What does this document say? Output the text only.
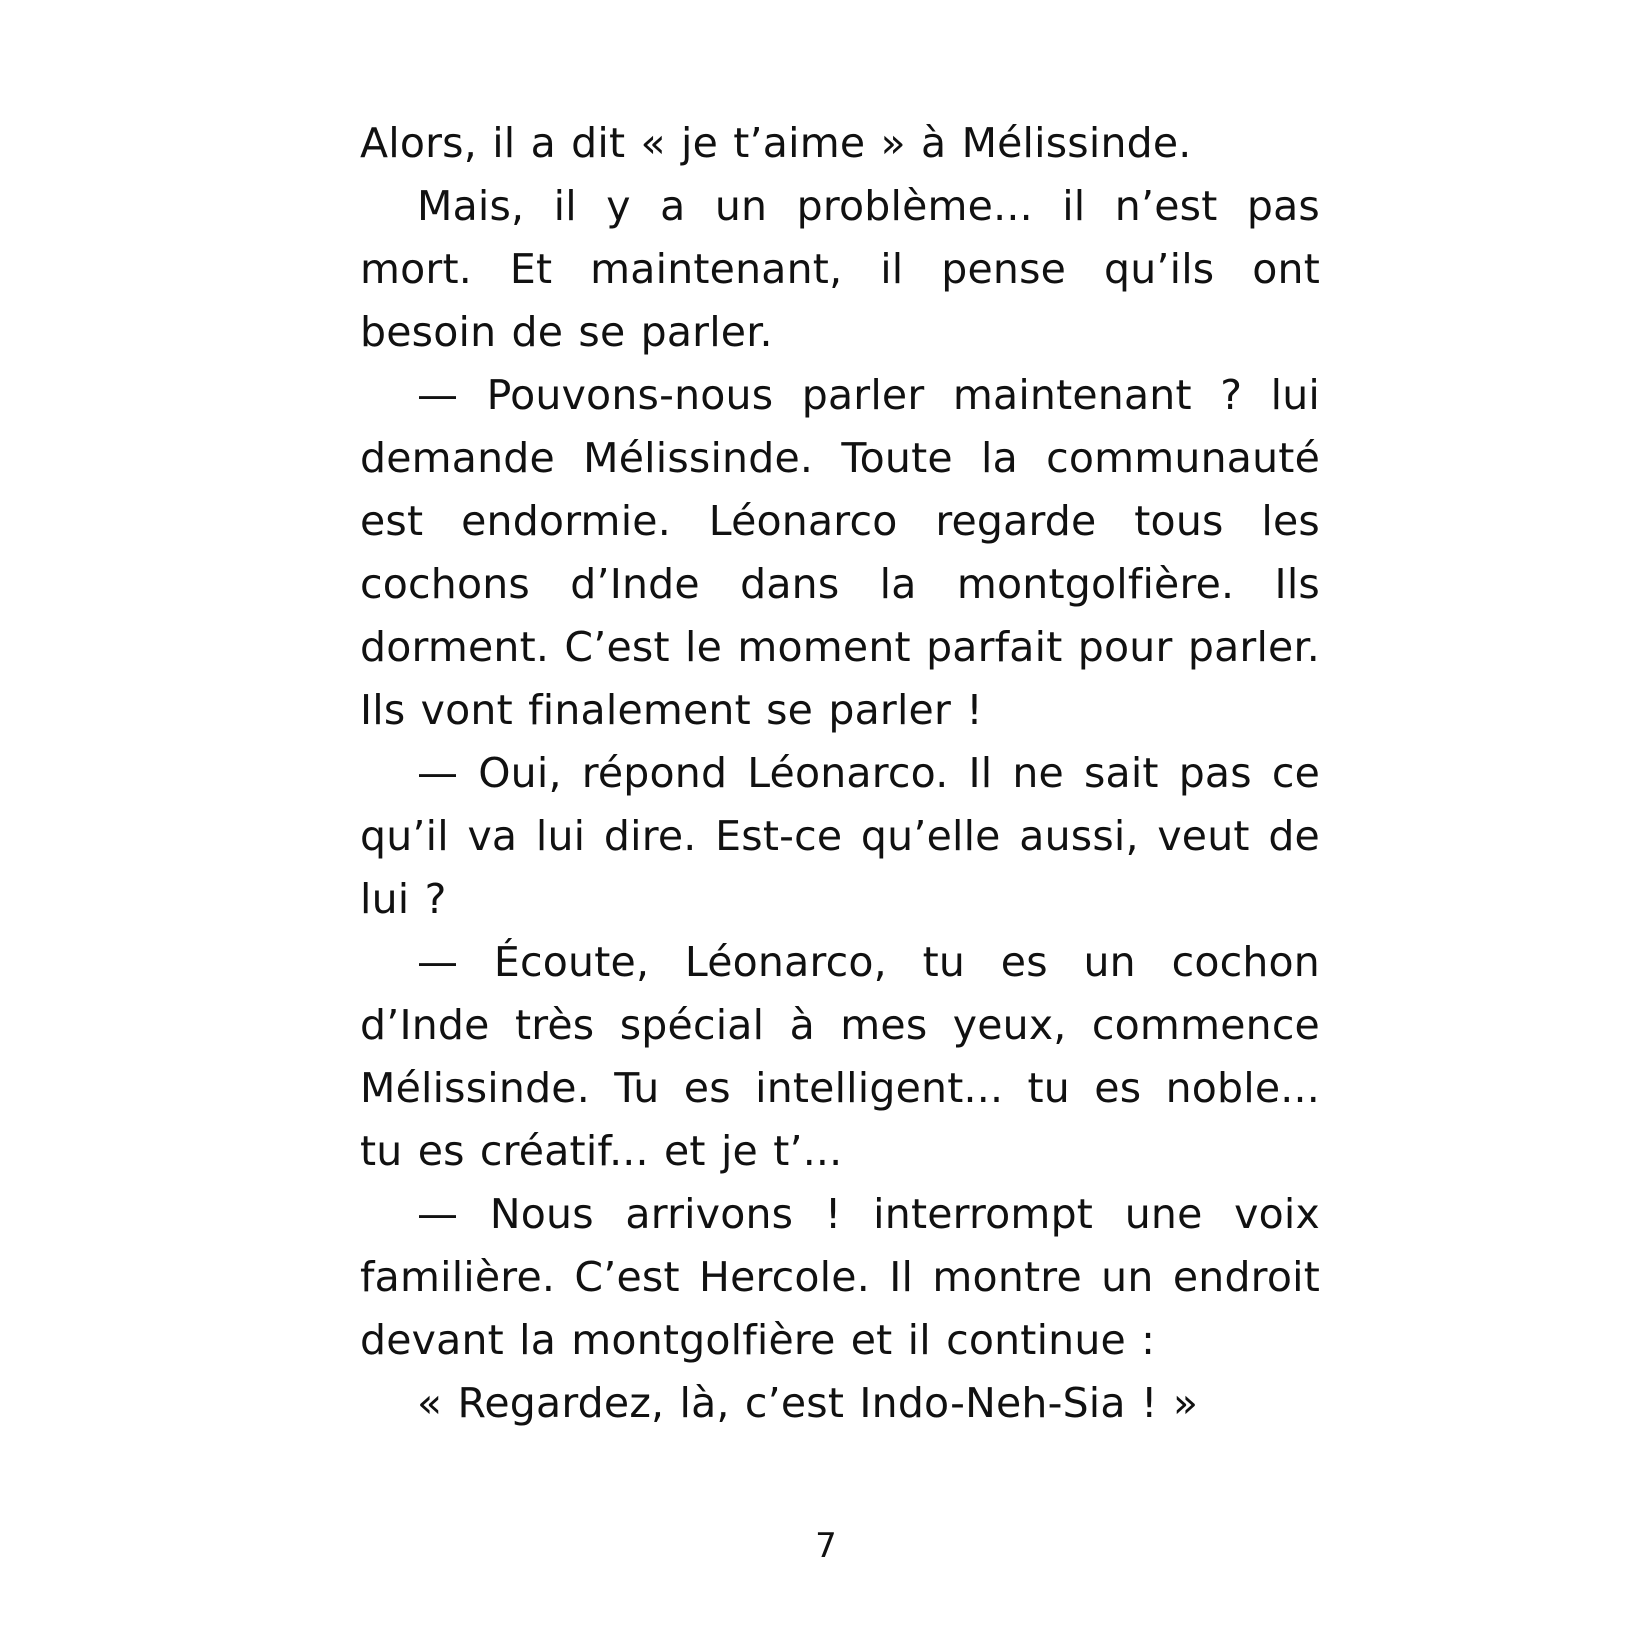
Alors, il a dit « je t’aime » à Mélissinde.

Mais, il y a un problème... il n’est pas mort. Et maintenant, il pense qu’ils ont besoin de se parler.

— Pouvons-nous parler maintenant ? lui demande Mélissinde. Toute la communauté est endormie. Léonarco regarde tous les cochons d’Inde dans la montgolfière. Ils dorment. C’est le moment parfait pour parler. Ils vont finalement se parler !

— Oui, répond Léonarco. Il ne sait pas ce qu’il va lui dire. Est-ce qu’elle aussi, veut de lui ?

— Écoute, Léonarco, tu es un cochon d’Inde très spécial à mes yeux, commence Mélissinde. Tu es intelligent... tu es noble... tu es créatif... et je t’...

— Nous arrivons ! interrompt une voix familière. C’est Hercole. Il montre un endroit devant la montgolfière et il continue :

« Regardez, là, c’est Indo-Neh-Sia ! »

7
